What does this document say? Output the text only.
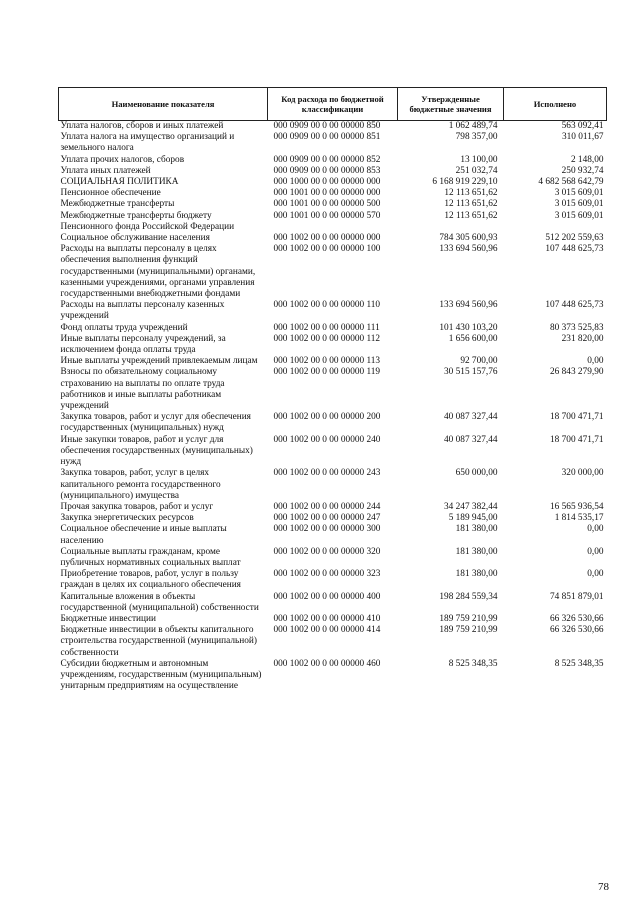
Наименование показателя	Код расхода по бюджетной классификации	Утвержденные бюджетные значения	Исполнено
Уплата налогов, сборов и иных платежей	000 0909 00 0 00 00000 850	1 062 489,74	563 092,41
Уплата налога на имущество организаций и земельного налога	000 0909 00 0 00 00000 851	798 357,00	310 011,67
Уплата прочих налогов, сборов	000 0909 00 0 00 00000 852	13 100,00	2 148,00
Уплата иных платежей	000 0909 00 0 00 00000 853	251 032,74	250 932,74
СОЦИАЛЬНАЯ ПОЛИТИКА	000 1000 00 0 00 00000 000	6 168 919 229,10	4 682 568 642,79
Пенсионное обеспечение	000 1001 00 0 00 00000 000	12 113 651,62	3 015 609,01
Межбюджетные трансферты	000 1001 00 0 00 00000 500	12 113 651,62	3 015 609,01
Межбюджетные трансферты бюджету Пенсионного фонда Российской Федерации	000 1001 00 0 00 00000 570	12 113 651,62	3 015 609,01
Социальное обслуживание населения	000 1002 00 0 00 00000 000	784 305 600,93	512 202 559,63
Расходы на выплаты персоналу в целях обеспечения выполнения функций государственными (муниципальными) органами, казенными учреждениями, органами управления государственными внебюджетными фондами	000 1002 00 0 00 00000 100	133 694 560,96	107 448 625,73
Расходы на выплаты персоналу казенных учреждений	000 1002 00 0 00 00000 110	133 694 560,96	107 448 625,73
Фонд оплаты труда учреждений	000 1002 00 0 00 00000 111	101 430 103,20	80 373 525,83
Иные выплаты персоналу учреждений, за исключением фонда оплаты труда	000 1002 00 0 00 00000 112	1 656 600,00	231 820,00
Иные выплаты учреждений привлекаемым лицам	000 1002 00 0 00 00000 113	92 700,00	0,00
Взносы по обязательному социальному страхованию на выплаты по оплате труда работников и иные выплаты работникам учреждений	000 1002 00 0 00 00000 119	30 515 157,76	26 843 279,90
Закупка товаров, работ и услуг для обеспечения государственных (муниципальных) нужд	000 1002 00 0 00 00000 200	40 087 327,44	18 700 471,71
Иные закупки товаров, работ и услуг для обеспечения государственных (муниципальных) нужд	000 1002 00 0 00 00000 240	40 087 327,44	18 700 471,71
Закупка товаров, работ, услуг в целях капитального ремонта государственного (муниципального) имущества	000 1002 00 0 00 00000 243	650 000,00	320 000,00
Прочая закупка товаров, работ и услуг	000 1002 00 0 00 00000 244	34 247 382,44	16 565 936,54
Закупка энергетических ресурсов	000 1002 00 0 00 00000 247	5 189 945,00	1 814 535,17
Социальное обеспечение и иные выплаты населению	000 1002 00 0 00 00000 300	181 380,00	0,00
Социальные выплаты гражданам, кроме публичных нормативных социальных выплат	000 1002 00 0 00 00000 320	181 380,00	0,00
Приобретение товаров, работ, услуг в пользу граждан в целях их социального обеспечения	000 1002 00 0 00 00000 323	181 380,00	0,00
Капитальные вложения в объекты государственной (муниципальной) собственности	000 1002 00 0 00 00000 400	198 284 559,34	74 851 879,01
Бюджетные инвестиции	000 1002 00 0 00 00000 410	189 759 210,99	66 326 530,66
Бюджетные инвестиции в объекты капитального строительства государственной (муниципальной) собственности	000 1002 00 0 00 00000 414	189 759 210,99	66 326 530,66
Субсидии бюджетным и автономным учреждениям, государственным (муниципальным) унитарным предприятиям на осуществление	000 1002 00 0 00 00000 460	8 525 348,35	8 525 348,35
78
